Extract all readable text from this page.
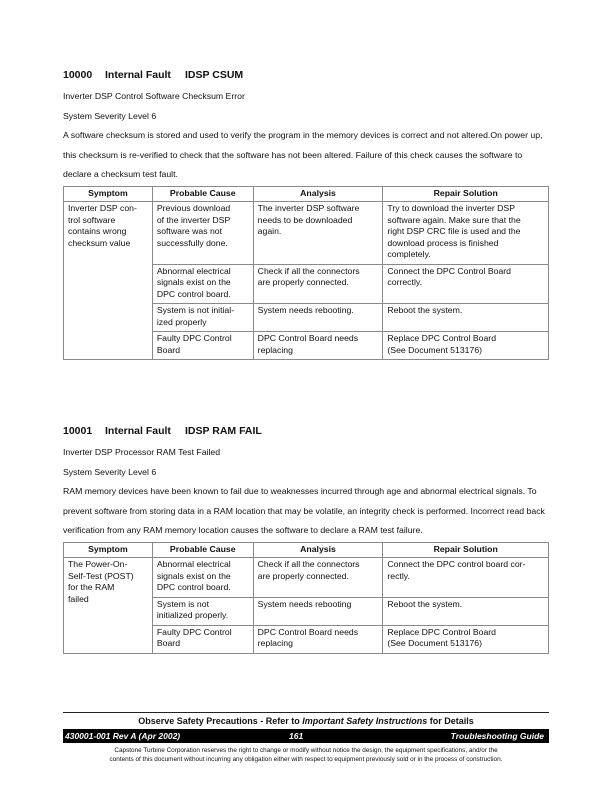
10000 Internal Fault IDSP CSUM
Inverter DSP Control Software Checksum Error
System Severity Level 6
A software checksum is stored and used to verify the program in the memory devices is correct and not altered.On power up, this checksum is re-verified to check that the software has not been altered. Failure of this check causes the software to declare a checksum test fault.
Symptom	Probable Cause	Analysis	Repair Solution
Inverter DSP con-
trol software
contains wrong
checksum value	Previous download
of the inverter DSP
software was not
successfully done.	The inverter DSP software
needs to be downloaded
again.	Try to download the inverter DSP
software again. Make sure that the
right DSP CRC file is used and the
download process is finished
completely.
	Abnormal electrical
signals exist on the
DPC control board.	Check if all the connectors
are properly connected.	Connect the DPC Control Board
correctly.
	System is not initial-
ized properly	System needs rebooting.	Reboot the system.
	Faulty DPC Control
Board	DPC Control Board needs
replacing	Replace DPC Control Board
(See Document 513176)
10001 Internal Fault IDSP RAM FAIL
Inverter DSP Processor RAM Test Failed
System Severity Level 6
RAM memory devices have been known to fail due to weaknesses incurred through age and abnormal electrical signals. To prevent software from storing data in a RAM location that may be volatile, an integrity check is performed. Incorrect read back verification from any RAM memory location causes the software to declare a RAM test failure.
Symptom	Probable Cause	Analysis	Repair Solution
The Power-On-
Self-Test (POST)
for the RAM
failed	Abnormal electrical
signals exist on the
DPC control board.	Check if all the connectors
are properly connected.	Connect the DPC control board cor-
rectly.
	System is not
initialized properly.	System needs rebooting	Reboot the system.
	Faulty DPC Control
Board	DPC Control Board needs
replacing	Replace DPC Control Board
(See Document 513176)
Observe Safety Precautions - Refer to Important Safety Instructions for Details
430001-001 Rev A (Apr 2002)	161	Troubleshooting Guide
Capstone Turbine Corporation reserves the right to change or modify without notice the design, the equipment specifications, and/or the
contents of this document without incurring any obligation either with respect to equipment previously sold or in the process of construction.
